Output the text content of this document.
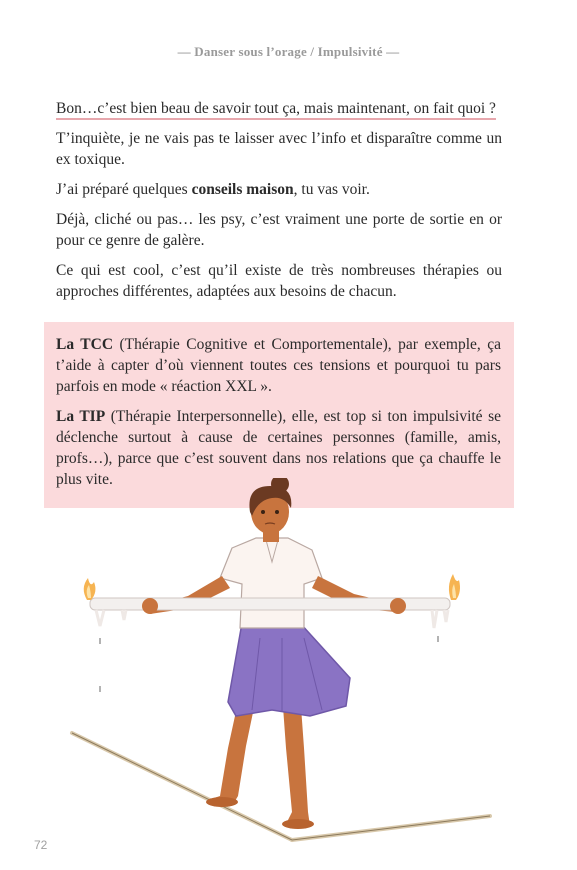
— Danser sous l’orage / Impulsivité —

Bon…c’est bien beau de savoir tout ça, mais maintenant, on fait quoi ?

T’inquiète, je ne vais pas te laisser avec l’info et disparaître comme un ex toxique.

J’ai préparé quelques conseils maison, tu vas voir.

Déjà, cliché ou pas… les psy, c’est vraiment une porte de sortie en or pour ce genre de galère.

Ce qui est cool, c’est qu’il existe de très nombreuses thérapies ou approches différentes, adaptées aux besoins de chacun.

La TCC (Thérapie Cognitive et Comportementale), par exemple, ça t’aide à capter d’où viennent toutes ces tensions et pourquoi tu pars parfois en mode « réaction XXL ».

La TIP (Thérapie Interpersonnelle), elle, est top si ton impulsivité se déclenche surtout à cause de certaines personnes (famille, amis, profs…), parce que c’est souvent dans nos relations que ça chauffe le plus vite.

72
